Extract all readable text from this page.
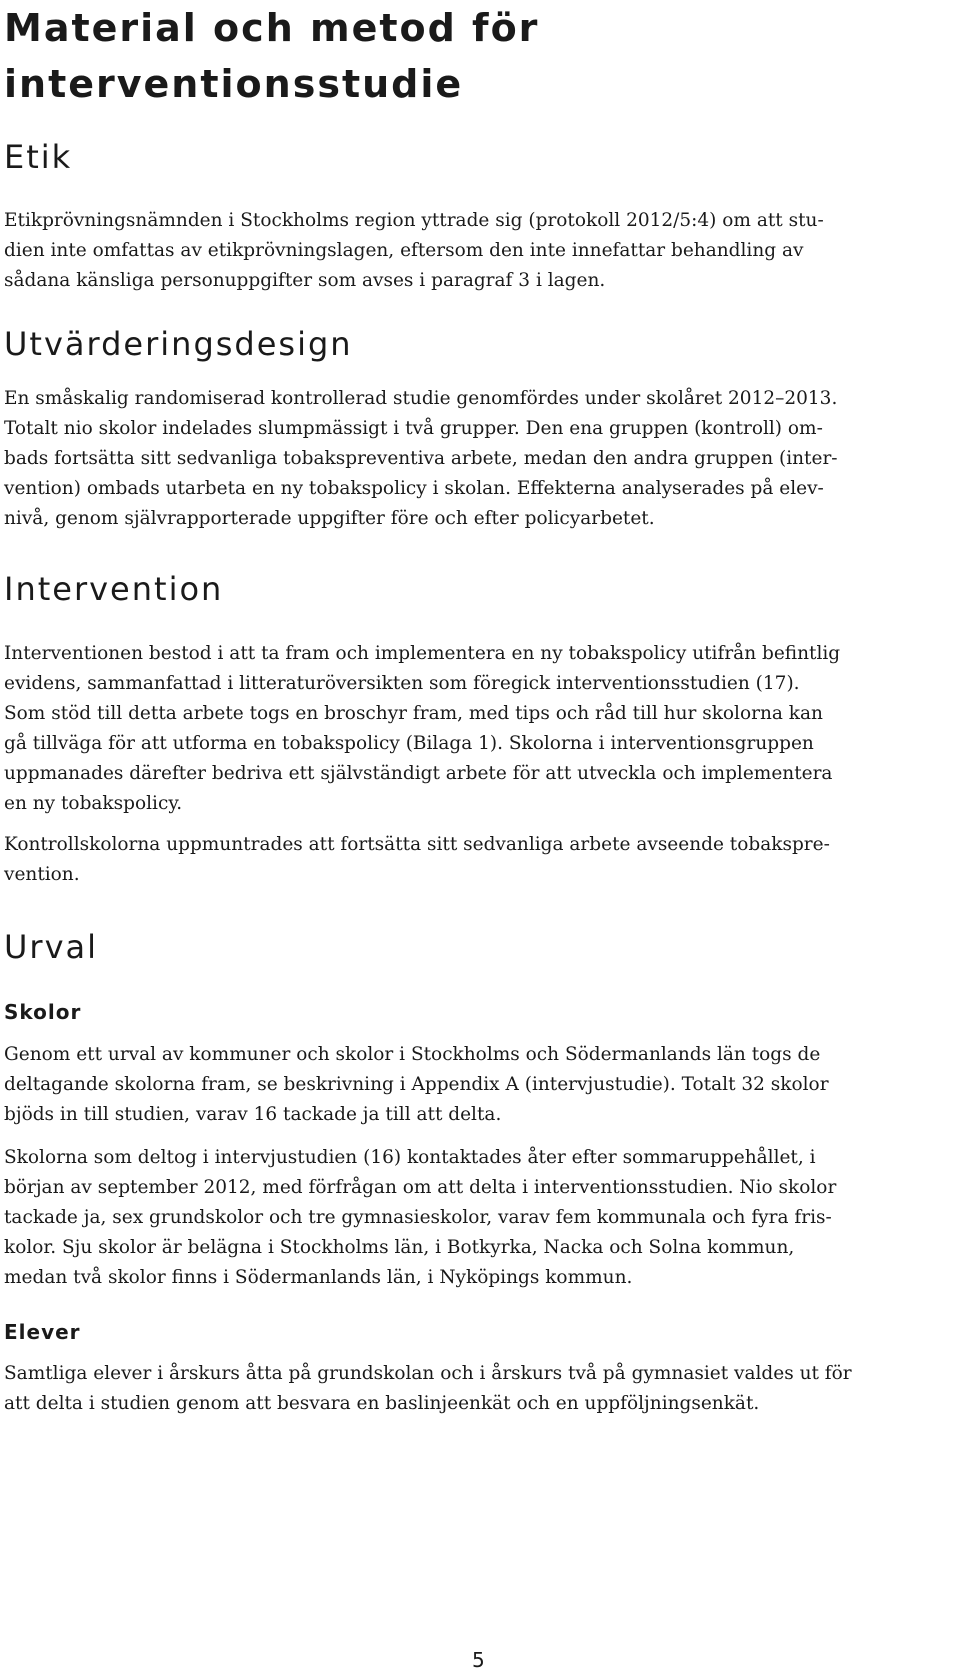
Material och metod för
interventionsstudie
Etik
Etikprövningsnämnden i Stockholms region yttrade sig (protokoll 2012/5:4) om att stu-
dien inte omfattas av etikprövningslagen, eftersom den inte innefattar behandling av
sådana känsliga personuppgifter som avses i paragraf 3 i lagen.
Utvärderingsdesign
En småskalig randomiserad kontrollerad studie genomfördes under skolåret 2012–2013.
Totalt nio skolor indelades slumpmässigt i två grupper. Den ena gruppen (kontroll) om-
bads fortsätta sitt sedvanliga tobakspreventiva arbete, medan den andra gruppen (inter-
vention) ombads utarbeta en ny tobakspolicy i skolan. Effekterna analyserades på elev-
nivå, genom självrapporterade uppgifter före och efter policyarbetet.
Intervention
Interventionen bestod i att ta fram och implementera en ny tobakspolicy utifrån befintlig
evidens, sammanfattad i litteraturöversikten som föregick interventionsstudien (17).
Som stöd till detta arbete togs en broschyr fram, med tips och råd till hur skolorna kan
gå tillväga för att utforma en tobakspolicy (Bilaga 1). Skolorna i interventionsgruppen
uppmanades därefter bedriva ett självständigt arbete för att utveckla och implementera
en ny tobakspolicy.
Kontrollskolorna uppmuntrades att fortsätta sitt sedvanliga arbete avseende tobakspre-
vention.
Urval
Skolor
Genom ett urval av kommuner och skolor i Stockholms och Södermanlands län togs de
deltagande skolorna fram, se beskrivning i Appendix A (intervjustudie). Totalt 32 skolor
bjöds in till studien, varav 16 tackade ja till att delta.
Skolorna som deltog i intervjustudien (16) kontaktades åter efter sommaruppehållet, i
början av september 2012, med förfrågan om att delta i interventionsstudien. Nio skolor
tackade ja, sex grundskolor och tre gymnasieskolor, varav fem kommunala och fyra fris-
kolor. Sju skolor är belägna i Stockholms län, i Botkyrka, Nacka och Solna kommun,
medan två skolor finns i Södermanlands län, i Nyköpings kommun.
Elever
Samtliga elever i årskurs åtta på grundskolan och i årskurs två på gymnasiet valdes ut för
att delta i studien genom att besvara en baslinjeenkät och en uppföljningsenkät.
5
